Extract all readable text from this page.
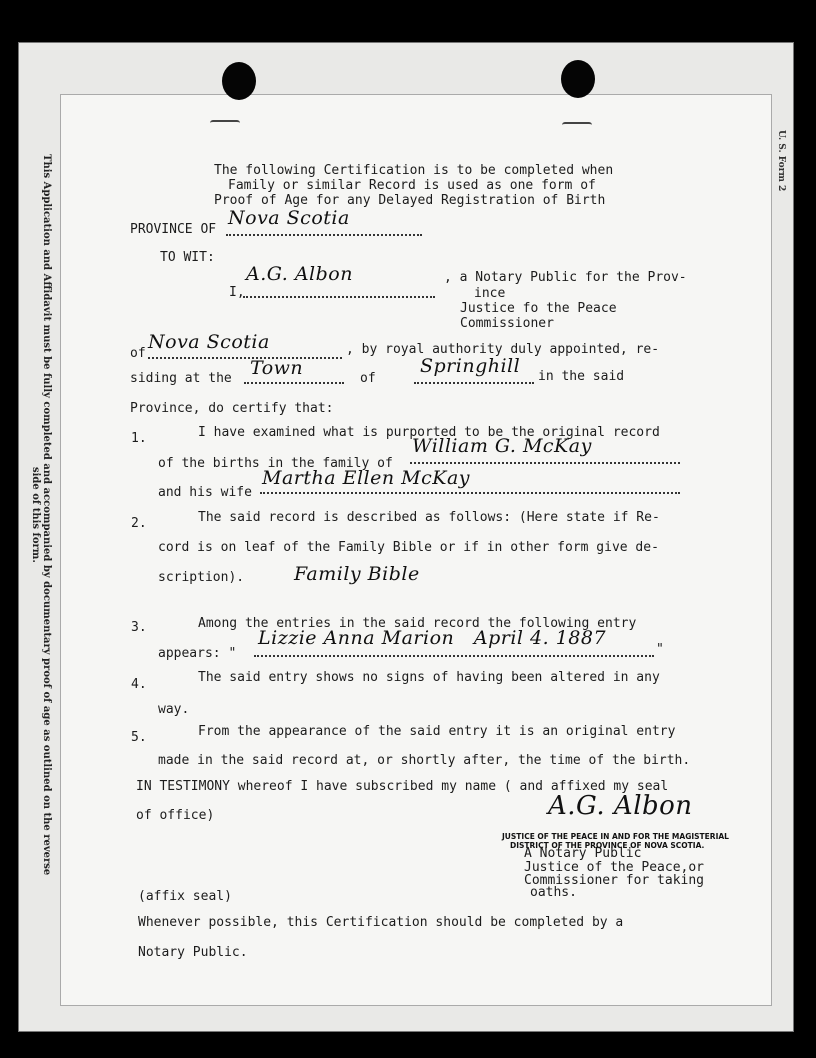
This Application and Affidavit must be fully completed and accompanied by documentary proof of age as outlined on the reverse side of this form.
U. S. Form 2
The following Certification is to be completed when
Family or similar Record is used as one form of
Proof of Age for any Delayed Registration of Birth
PROVINCE OF
Nova Scotia
TO WIT:
I,
A.G. Albon	, a Notary Public for the Prov-
ince
Justice fo the Peace
Commissioner
of
Nova Scotia	, by royal authority duly appointed, re-
siding at the Town	of
Springhill in the said
Province, do certify that:
1.	I have examined what is purported to be the original record
of the births in the family of
William G. McKay
and his wife
Martha Ellen McKay
2.	The said record is described as follows: (Here state if Re-
cord is on leaf of the Family Bible or if in other form give de-
scription).	Family Bible
3.	Among the entries in the said record the following entry
appears: "
Lizzie Anna Marion   April 4. 1887
"
4.	The said entry shows no signs of having been altered in any
way.
5.	From the appearance of the said entry it is an original entry
made in the said record at, or shortly after, the time of the birth.
IN TESTIMONY whereof I have subscribed my name ( and affixed my seal
of office)	A.G. Albon
JUSTICE OF THE PEACE IN AND FOR THE MAGISTERIAL
DISTRICT OF THE PROVINCE OF NOVA SCOTIA.
A Notary Public
Justice of the Peace,or
Commissioner for taking
oaths.
(affix seal)
Whenever possible, this Certification should be completed by a
Notary Public.
